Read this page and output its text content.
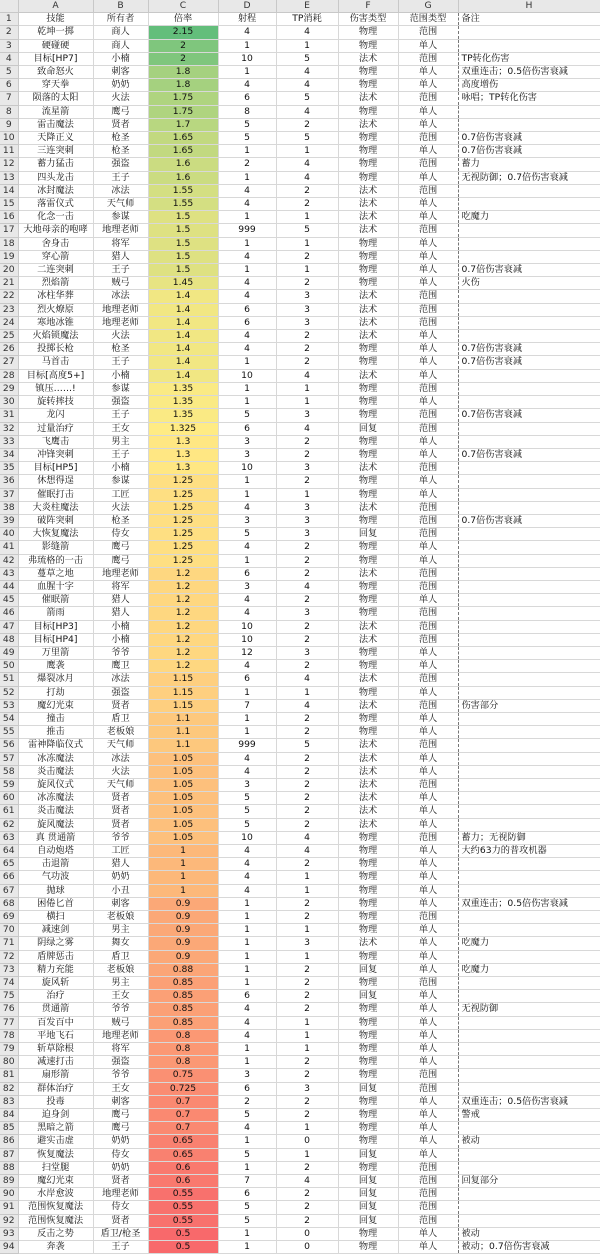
	A	B	C	D	E	F	G	H
1	技能	所有者	倍率	射程	TP消耗	伤害类型	范围类型	备注
2	乾坤一掷	商人	2.15	4	4	物理	范围	
3	硬碰硬	商人	2	1	1	物理	单人	
4	目标[HP7]	小楠	2	10	5	法术	范围	TP转化伤害
5	致命怒火	刺客	1.8	1	4	物理	单人	双重连击；0.5倍伤害衰减
6	穿天拳	奶奶	1.8	4	4	物理	单人	高度增伤
7	陨落的太阳	火法	1.75	6	5	法术	范围	咏唱；TP转化伤害
8	流星箭	鹰弓	1.75	8	4	物理	单人	
9	雷击魔法	贤者	1.7	5	2	法术	单人	
10	天降正义	枪圣	1.65	5	5	物理	范围	0.7倍伤害衰减
11	三连突刺	枪圣	1.65	1	1	物理	单人	0.7倍伤害衰减
12	蓄力猛击	强盗	1.6	2	4	物理	范围	蓄力
13	四头龙击	王子	1.6	1	4	物理	单人	无视防御；0.7倍伤害衰减
14	冰封魔法	冰法	1.55	4	2	法术	范围	
15	落雷仪式	天气师	1.55	4	2	法术	单人	
16	化念一击	参谋	1.5	1	1	法术	单人	吃魔力
17	大地母亲的咆哮	地理老师	1.5	999	5	法术	范围	
18	舍身击	将军	1.5	1	1	物理	单人	
19	穿心箭	猎人	1.5	4	2	物理	单人	
20	二连突刺	王子	1.5	1	1	物理	单人	0.7倍伤害衰减
21	烈焰箭	贼弓	1.45	4	2	物理	单人	火伤
22	冰柱华葬	冰法	1.4	4	3	法术	范围	
23	烈火燎原	地理老师	1.4	6	3	法术	范围	
24	寒地冰锥	地理老师	1.4	6	3	法术	范围	
25	火焰锁魔法	火法	1.4	4	2	法术	单人	
26	投掷长枪	枪圣	1.4	4	2	物理	单人	0.7倍伤害衰减
27	马首击	王子	1.4	1	2	物理	单人	0.7倍伤害衰减
28	目标[高度5+]	小楠	1.4	10	4	法术	单人	
29	镇压……!	参谋	1.35	1	1	物理	范围	
30	旋转摔技	强盗	1.35	1	1	物理	单人	
31	龙闪	王子	1.35	5	3	物理	范围	0.7倍伤害衰减
32	过量治疗	王女	1.325	6	4	回复	范围	
33	飞鹰击	男主	1.3	3	2	物理	单人	
34	冲锋突刺	王子	1.3	3	2	物理	单人	0.7倍伤害衰减
35	目标[HP5]	小楠	1.3	10	3	法术	范围	
36	休想得逞	参谋	1.25	1	2	物理	单人	
37	催眠打击	工匠	1.25	1	1	物理	单人	
38	大炎柱魔法	火法	1.25	4	3	法术	范围	
39	破阵突刺	枪圣	1.25	3	3	物理	范围	0.7倍伤害衰减
40	大恢复魔法	侍女	1.25	5	3	回复	范围	
41	影缝箭	鹰弓	1.25	4	2	物理	单人	
42	弗琉格的一击	鹰弓	1.25	1	2	物理	单人	
43	蔓草之地	地理老师	1.2	6	2	法术	范围	
44	血腥十字	将军	1.2	3	4	物理	范围	
45	催眠箭	猎人	1.2	4	2	物理	单人	
46	箭雨	猎人	1.2	4	3	物理	范围	
47	目标[HP3]	小楠	1.2	10	2	法术	范围	
48	目标[HP4]	小楠	1.2	10	2	法术	范围	
49	万里箭	爷爷	1.2	12	3	物理	单人	
50	鹰袭	鹰卫	1.2	4	2	物理	单人	
51	爆裂冰月	冰法	1.15	6	4	法术	范围	
52	打劫	强盗	1.15	1	1	物理	单人	
53	魔幻光束	贤者	1.15	7	4	法术	范围	伤害部分
54	撞击	盾卫	1.1	1	2	物理	单人	
55	推击	老板娘	1.1	1	2	物理	单人	
56	雷神降临仪式	天气师	1.1	999	5	法术	范围	
57	冰冻魔法	冰法	1.05	4	2	法术	单人	
58	炎击魔法	火法	1.05	4	2	法术	单人	
59	旋风仪式	天气师	1.05	3	2	法术	范围	
60	冰冻魔法	贤者	1.05	5	2	法术	单人	
61	炎击魔法	贤者	1.05	5	2	法术	单人	
62	旋风魔法	贤者	1.05	5	2	法术	单人	
63	真 贯通箭	爷爷	1.05	10	4	物理	范围	蓄力；无视防御
64	自动炮塔	工匠	1	4	4	物理	单人	大约63力的普攻机器
65	击退箭	猎人	1	4	2	物理	单人	
66	气功波	奶奶	1	4	1	物理	单人	
67	抛球	小丑	1	4	1	物理	单人	
68	困倦匕首	刺客	0.9	1	2	物理	单人	双重连击；0.5倍伤害衰减
69	横扫	老板娘	0.9	1	2	物理	范围	
70	减速剑	男主	0.9	1	1	物理	单人	
71	阴绿之雾	舞女	0.9	1	3	法术	单人	吃魔力
72	盾牌惩击	盾卫	0.9	1	1	物理	单人	
73	精力充能	老板娘	0.88	1	2	回复	单人	吃魔力
74	旋风斩	男主	0.85	1	2	物理	范围	
75	治疗	王女	0.85	6	2	回复	单人	
76	贯通箭	爷爷	0.85	4	2	物理	单人	无视防御
77	百发百中	贼弓	0.85	4	1	物理	单人	
78	平地飞石	地理老师	0.8	4	1	物理	单人	
79	斩草除根	将军	0.8	1	1	物理	单人	
80	减速打击	强盗	0.8	1	2	物理	单人	
81	扇形箭	爷爷	0.75	3	2	物理	范围	
82	群体治疗	王女	0.725	6	3	回复	范围	
83	投毒	刺客	0.7	2	2	物理	单人	双重连击；0.5倍伤害衰减
84	迫身剑	鹰弓	0.7	5	2	物理	单人	警戒
85	黑暗之箭	鹰弓	0.7	4	1	物理	单人	
86	避实击虚	奶奶	0.65	1	0	物理	单人	被动
87	恢复魔法	侍女	0.65	5	1	回复	单人	
88	扫堂腿	奶奶	0.6	1	2	物理	范围	
89	魔幻光束	贤者	0.6	7	4	回复	范围	回复部分
90	水岸愈波	地理老师	0.55	6	2	回复	范围	
91	范围恢复魔法	侍女	0.55	5	2	回复	范围	
92	范围恢复魔法	贤者	0.55	5	2	回复	范围	
93	反击之势	盾卫/枪圣	0.5	1	0	物理	单人	被动
94	奔袭	王子	0.5	1	0	物理	单人	被动；0.7倍伤害衰减
